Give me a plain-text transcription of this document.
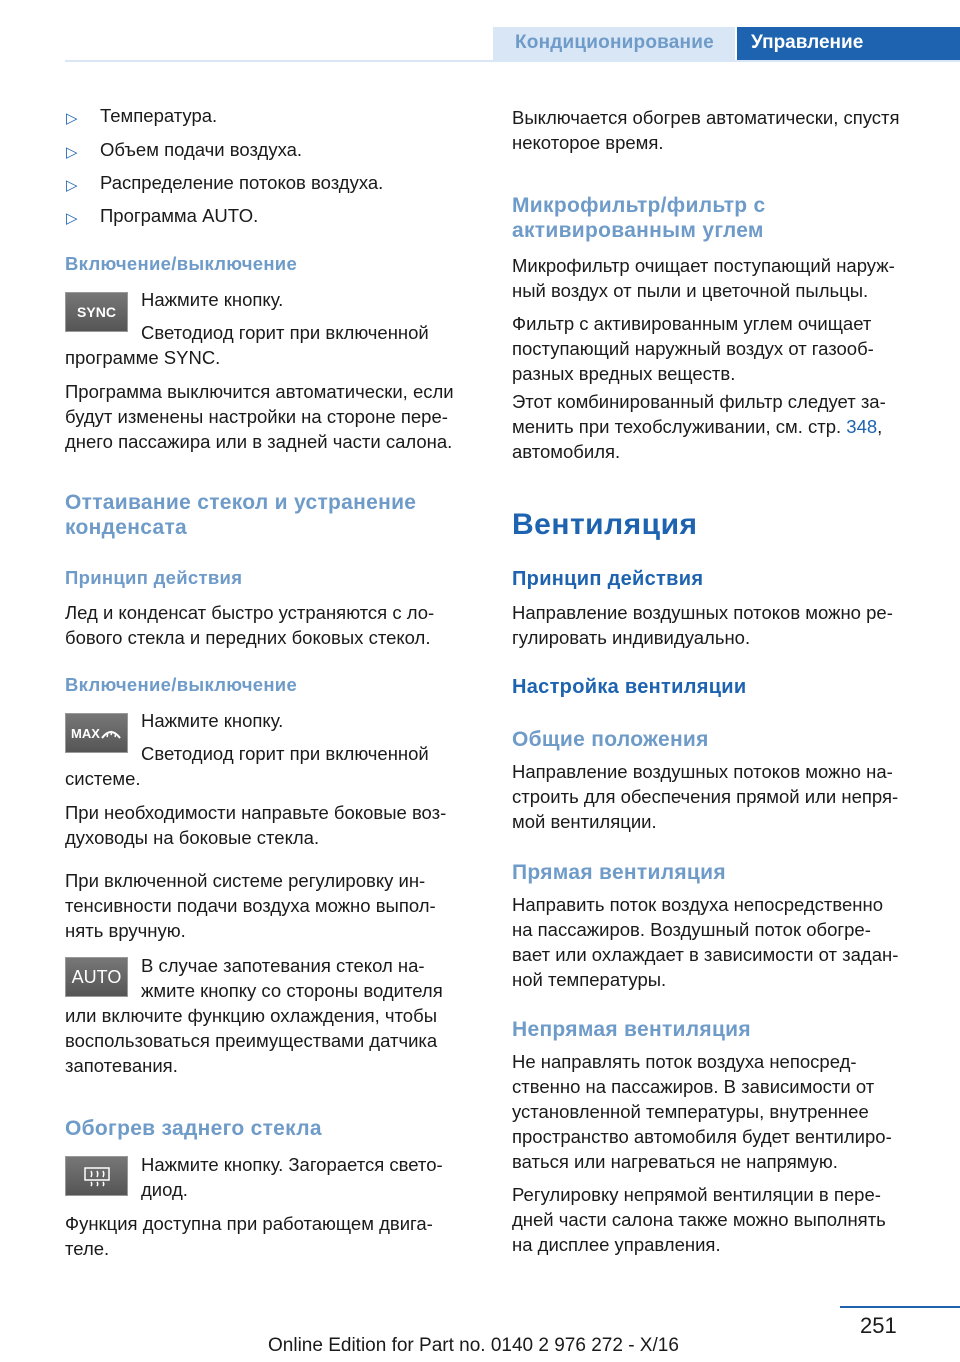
Кондиционирование Управление
▷ Температура.
▷ Объем подачи воздуха.
▷ Распределение потоков воздуха.
▷ Программа AUTO.
Включение/выключение
SYNC
Нажмите кнопку.
Светодиод горит при включенной
программе SYNC.
Программа выключится автоматически, если
будут изменены настройки на стороне пере-
днего пассажира или в задней части салона.
Оттаивание стекол и устранение
конденсата
Принцип действия
Лед и конденсат быстро устраняются с ло-
бового стекла и передних боковых стекол.
Включение/выключение
MAX
Нажмите кнопку.
Светодиод горит при включенной
системе.
При необходимости направьте боковые воз-
духоводы на боковые стекла.
При включенной системе регулировку ин-
тенсивности подачи воздуха можно выпол-
нять вручную.
AUTO
В случае запотевания стекол на-
жмите кнопку со стороны водителя
или включите функцию охлаждения, чтобы
воспользоваться преимуществами датчика
запотевания.
Обогрев заднего стекла
Нажмите кнопку. Загорается свето-
диод.
Функция доступна при работающем двига-
теле.
Выключается обогрев автоматически, спустя
некоторое время.
Микрофильтр/фильтр с
активированным углем
Микрофильтр очищает поступающий наруж-
ный воздух от пыли и цветочной пыльцы.
Фильтр с активированным углем очищает
поступающий наружный воздух от газооб-
разных вредных веществ.
Этот комбинированный фильтр следует за-
менить при техобслуживании, см. стр. 348,
автомобиля.
Вентиляция
Принцип действия
Направление воздушных потоков можно ре-
гулировать индивидуально.
Настройка вентиляции
Общие положения
Направление воздушных потоков можно на-
строить для обеспечения прямой или непря-
мой вентиляции.
Прямая вентиляция
Направить поток воздуха непосредственно
на пассажиров. Воздушный поток обогре-
вает или охлаждает в зависимости от задан-
ной температуры.
Непрямая вентиляция
Не направлять поток воздуха непосред-
ственно на пассажиров. В зависимости от
установленной температуры, внутреннее
пространство автомобиля будет вентилиро-
ваться или нагреваться не напрямую.
Регулировку непрямой вентиляции в пере-
дней части салона также можно выполнять
на дисплее управления.
251
Online Edition for Part no. 0140 2 976 272 - X/16
